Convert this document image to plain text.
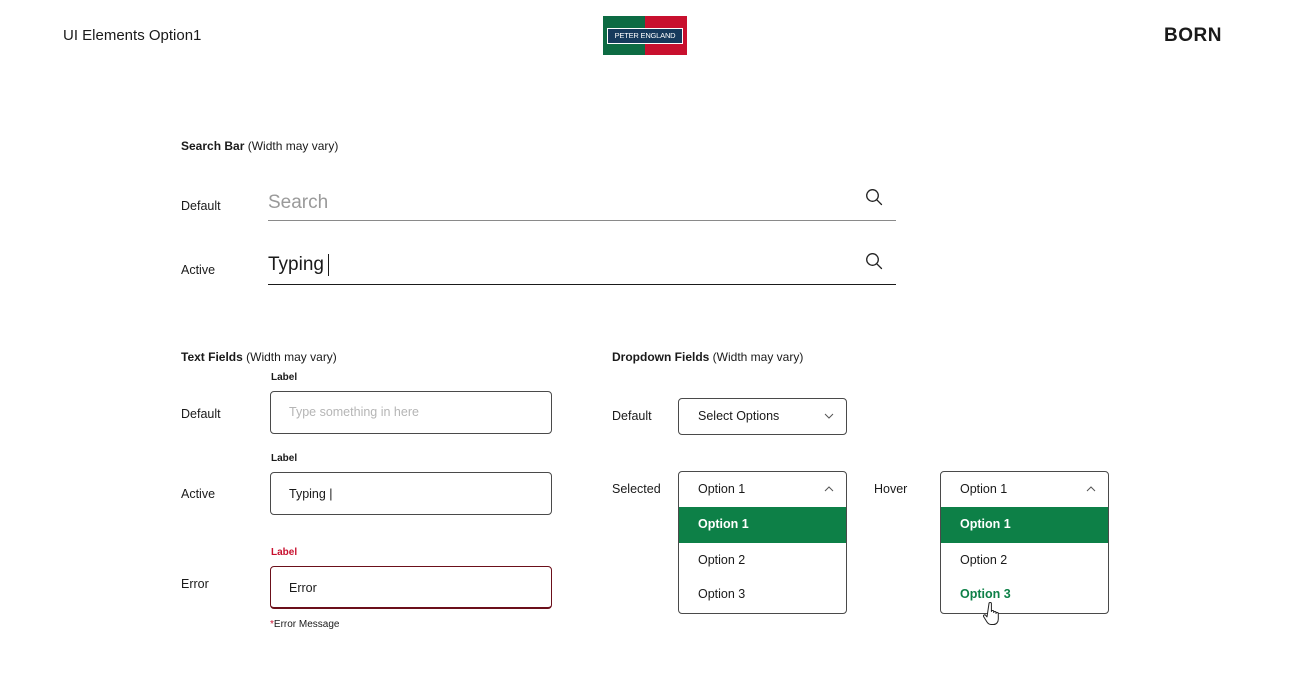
UI Elements Option1	PETER ENGLAND	BORN
Search Bar (Width may vary)
Default
Search
Active	Typing
Text Fields (Width may vary)
Label
Default
Type something in here
Label
Active	Typing |
Label
Error	Error
*Error Message
Dropdown Fields (Width may vary)
Default	Select Options
Selected	Option 1
Option 1
Option 2
Option 3
Hover	Option 1
Option 1
Option 2
Option 3
